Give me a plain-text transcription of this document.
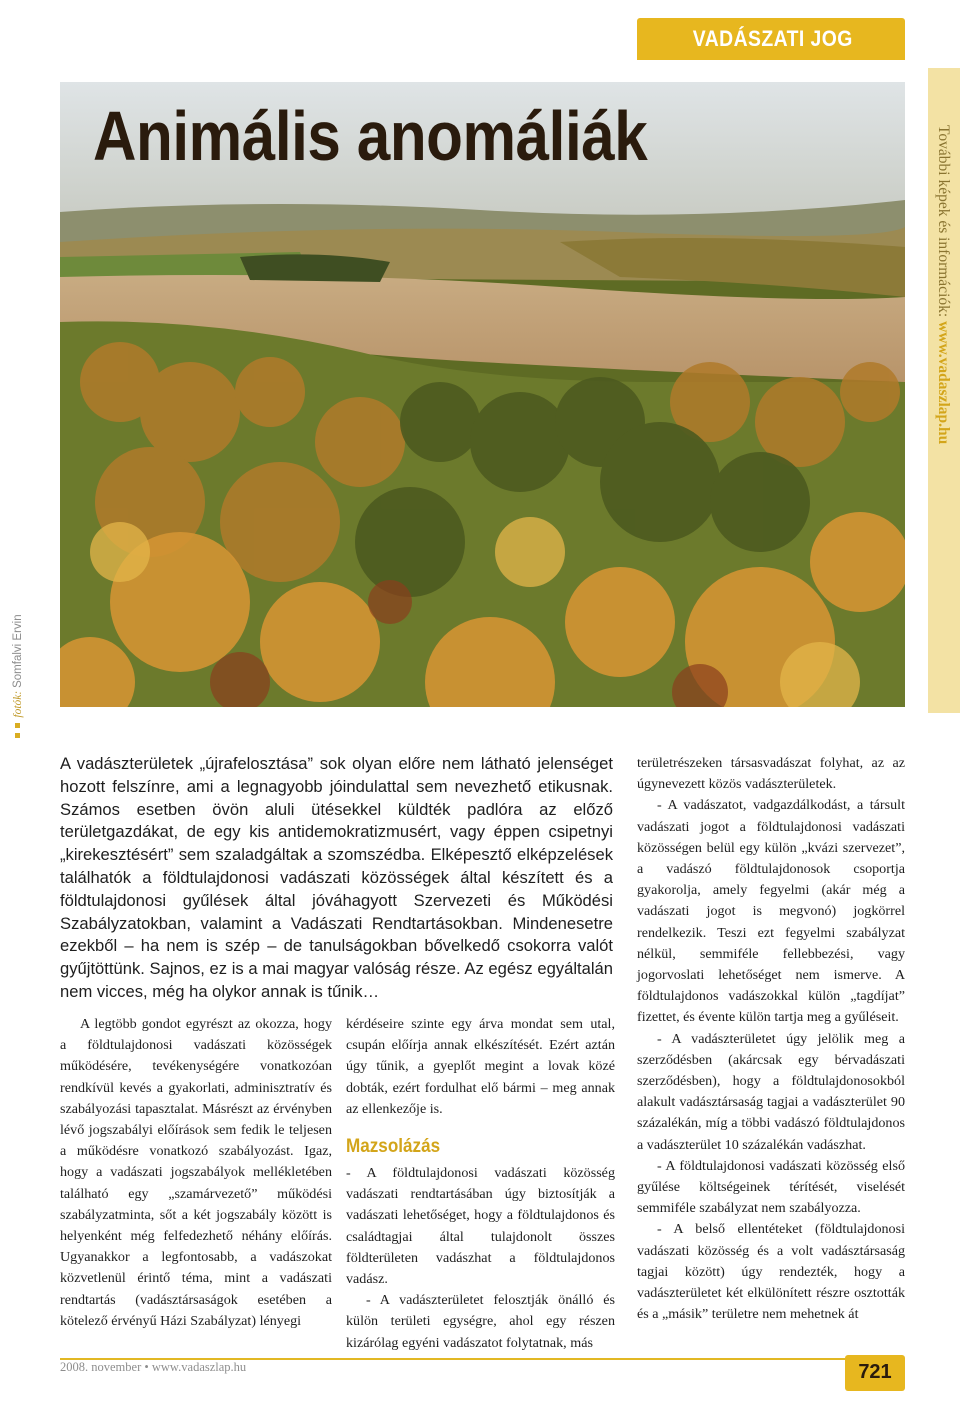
VADÁSZATI JOG
További képek és információk: www.vadaszlap.hu
fotók: Somfalvi Ervin
Animális anomáliák

A vadászterületek „újrafelosztása” sok olyan előre nem látható jelenséget hozott felszínre, ami a legnagyobb jóindulattal sem nevezhető etikusnak. Számos esetben övön aluli ütésekkel küldték padlóra az előző területgazdákat, de egy kis antidemokratizmusért, vagy éppen csipetnyi „kirekesztésért” sem szaladgáltak a szomszédba. Elképesztő elképzelések találhatók a földtulajdonosi vadászati közösségek által készített és a földtulajdonosi gyűlések által jóváhagyott Szervezeti és Működési Szabályzatokban, valamint a Vadászati Rendtartásokban. Mindenesetre ezekből – ha nem is szép – de tanulságokban bővelkedő csokorra valót gyűjtöttünk. Sajnos, ez is a mai magyar valóság része. Az egész egyáltalán nem vicces, még ha olykor annak is tűnik…

A legtöbb gondot egyrészt az okozza, hogy a földtulajdonosi vadászati közösségek működésére, tevékenységére vonatkozóan rendkívül kevés a gyakorlati, adminisztratív és szabályozási tapasztalat. Másrészt az érvényben lévő jogszabályi előírások sem fedik le teljesen a működésre vonatkozó szabályozást. Igaz, hogy a vadászati jogszabályok mellékletében található egy „szamárvezető” működési szabályzatminta, sőt a két jogszabály között is helyenként még felfedezhető néhány előírás. Ugyanakkor a legfontosabb, a vadászokat közvetlenül érintő téma, mint a vadászati rendtartás (vadásztársaságok esetében a kötelező érvényű Házi Szabályzat) lényegi

kérdéseire szinte egy árva mondat sem utal, csupán előírja annak elkészítését. Ezért aztán úgy tűnik, a gyeplőt megint a lovak közé dobták, ezért fordulhat elő bármi – meg annak az ellenkezője is.

Mazsolázás

- A földtulajdonosi vadászati közösség vadászati rendtartásában úgy biztosítják a vadászati lehetőséget, hogy a földtulajdonos és családtagjai által tulajdonolt összes földterületen vadászhat a földtulajdonos vadász.

- A vadászterületet felosztják önálló és külön területi egységre, ahol egy részen kizárólag egyéni vadászatot folytatnak, más

területrészeken társasvadászat folyhat, az az úgynevezett közös vadászterületek.

- A vadászatot, vadgazdálkodást, a társult vadászati jogot a földtulajdonosi vadászati közösségen belül egy külön „kvázi szervezet”, a vadászó földtulajdonosok csoportja gyakorolja, amely fegyelmi (akár még a vadászati jogot is megvonó) jogkörrel rendelkezik. Teszi ezt fegyelmi szabályzat nélkül, semmiféle fellebbezési, vagy jogorvoslati lehetőséget nem ismerve. A földtulajdonos vadászokkal külön „tagdíjat” fizettet, és évente külön tartja meg a gyűléseit.

- A vadászterületet úgy jelölik meg a szerződésben (akárcsak egy bérvadászati szerződésben), hogy a földtulajdonosokból alakult vadásztársaság tagjai a vadászterület 90 százalékán, míg a többi vadászó földtulajdonos a vadászterület 10 százalékán vadászhat.

- A földtulajdonosi vadászati közösség első gyűlése költségeinek térítését, viselését semmiféle szabályzat nem szabályozza.

- A belső ellentéteket (földtulajdonosi vadászati közösség és a volt vadásztársaság tagjai között) úgy rendezték, hogy a vadászterületet két elkülönített részre osztották és a „másik” területre nem mehetnek át

2008. november • www.vadaszlap.hu	721
